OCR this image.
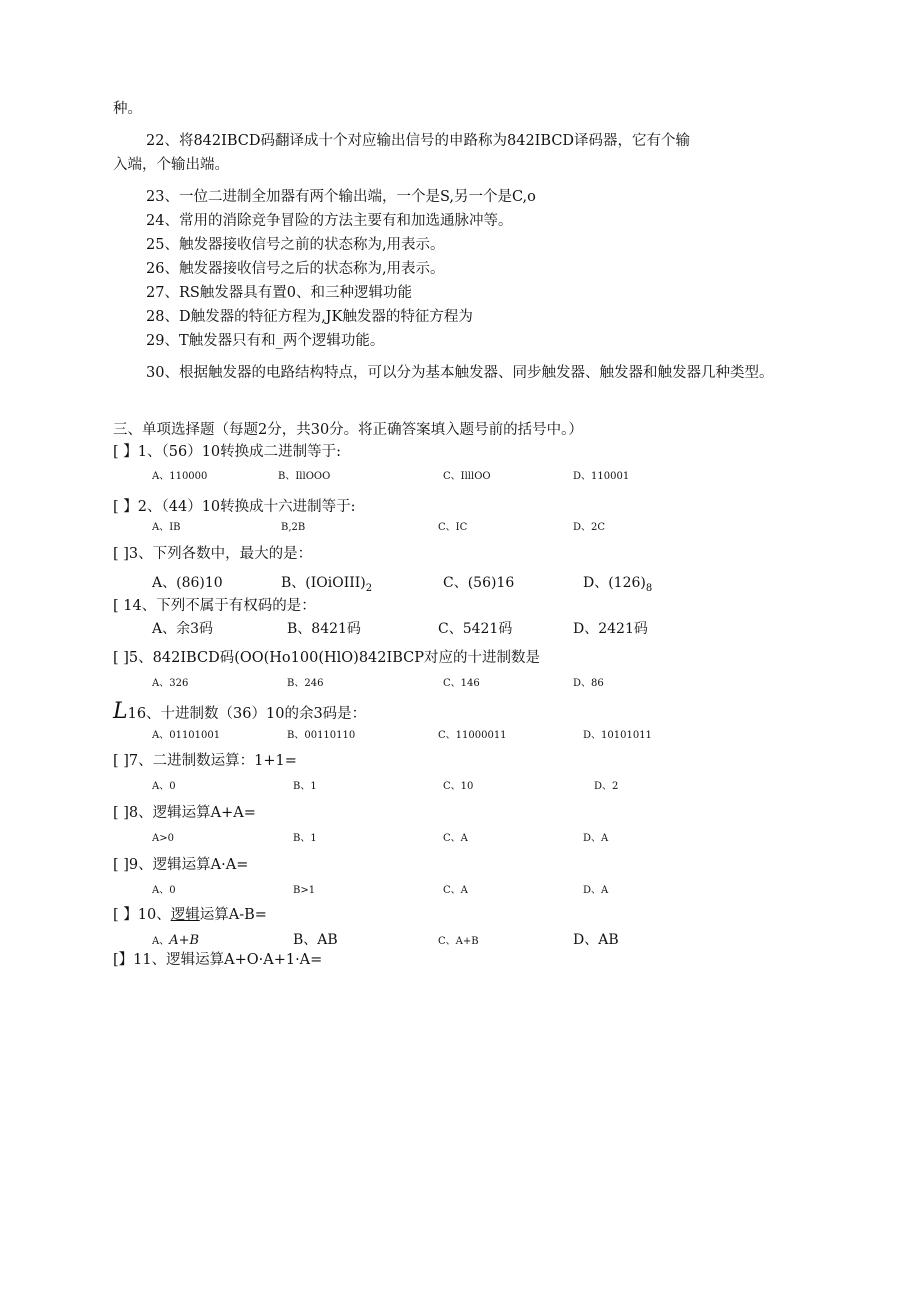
种。
22、将842IBCD码翻译成十个对应输出信号的申路称为842IBCD译码器，它有个输
入端，个输出端。
23、一位二进制全加器有两个输出端，一个是S,另一个是C,o
24、常用的消除竞争冒险的方法主要有和加选通脉冲等。
25、触发器接收信号之前的状态称为,用表示。
26、触发器接收信号之后的状态称为,用表示。
27、RS触发器具有置0、和三种逻辑功能
28、D触发器的特征方程为,JK触发器的特征方程为
29、T触发器只有和_两个逻辑功能。
30、根据触发器的电路结构特点，可以分为基本触发器、同步触发器、触发器和触发器几种类型。
三、单项选择题（每题2分，共30分。将正确答案填入题号前的括号中。）
[ 】1、（56）10转换成二进制等于:
A、110000	B、IllOOO	C、IlllOO	D、110001
[ 】2、（44）10转换成十六进制等于:
A、IB	B,2B	C、IC	D、2C
[ ]3、下列各数中，最大的是：
A、(86)10	B、$(IOiOIII)_2$	C、(56)16	D、$(126)_8$
[ 14、下列不属于有权码的是：
A、余3码	B、8421码	C、5421码	D、2421码
[ ]5、842IBCD码(OO(Ho100(HlO)842IBCP对应的十进制数是
A、326	B、246	C、146	D、86
L16、十进制数（36）10的余3码是：
A、01101001	B、00110110	C、11000011	D、10101011
[ ]7、二进制数运算：1+1=
A、0	B、1	C、10	D、2
[ ]8、逻辑运算A+A=
A>0	B、1	C、A	D、A
[ ]9、逻辑运算A·A=
A、0	B>1	C、A	D、A
[ 】10、逻辑运算A-B=
A、A+B	B、AB	C、A+B	D、AB
[】11、逻辑运算A+O·A+1·A=
